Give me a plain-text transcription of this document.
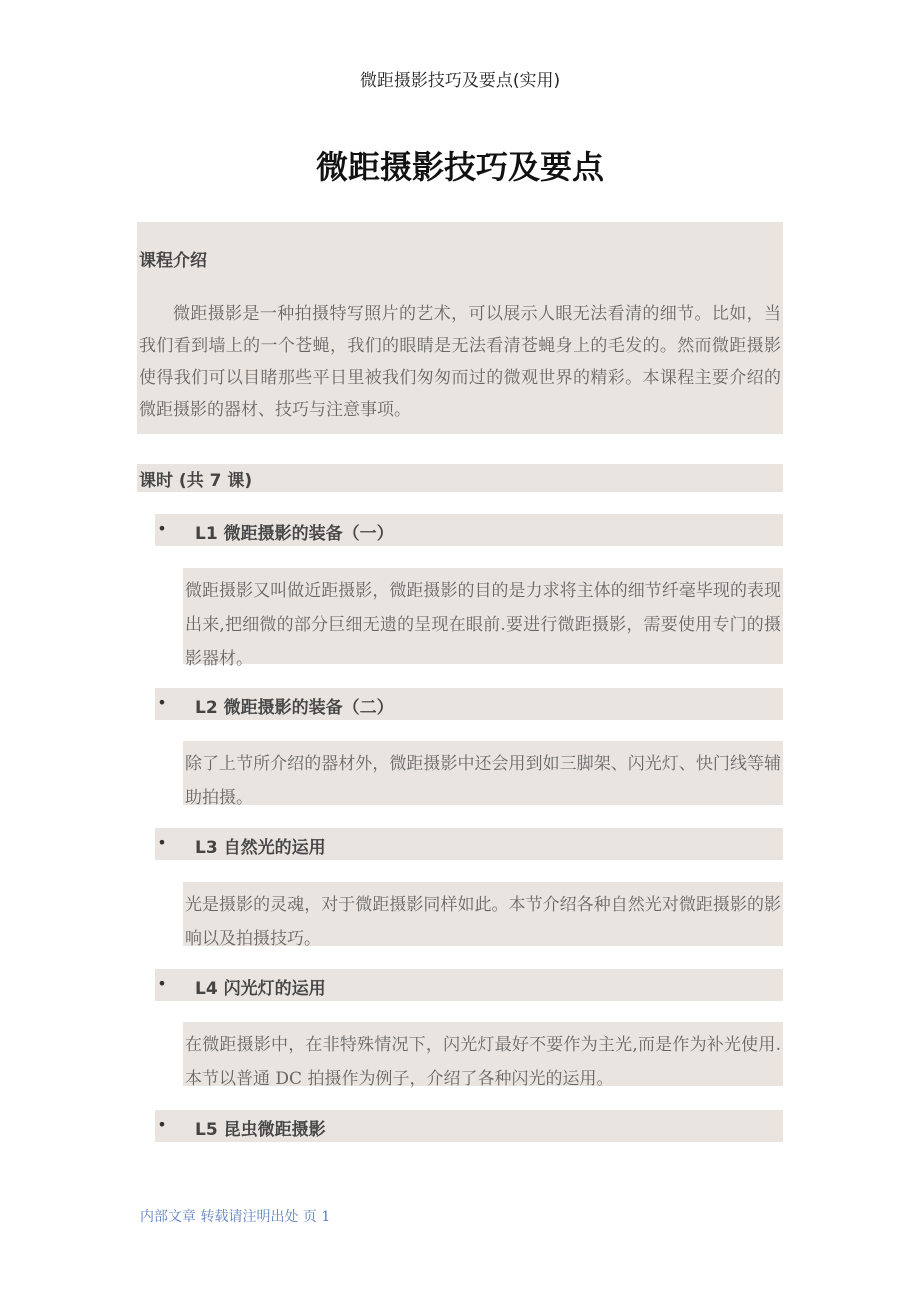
微距摄影技巧及要点(实用)
微距摄影技巧及要点
课程介绍
微距摄影是一种拍摄特写照片的艺术，可以展示人眼无法看清的细节。比如，当我们看到墙上的一个苍蝇，我们的眼睛是无法看清苍蝇身上的毛发的。然而微距摄影使得我们可以目睹那些平日里被我们匆匆而过的微观世界的精彩。本课程主要介绍的微距摄影的器材、技巧与注意事项。
课时 (共 7 课)
• L1 微距摄影的装备（一）
微距摄影又叫做近距摄影，微距摄影的目的是力求将主体的细节纤毫毕现的表现出来,把细微的部分巨细无遗的呈现在眼前.要进行微距摄影，需要使用专门的摄影器材。
• L2 微距摄影的装备（二）
除了上节所介绍的器材外，微距摄影中还会用到如三脚架、闪光灯、快门线等辅助拍摄。
• L3 自然光的运用
光是摄影的灵魂，对于微距摄影同样如此。本节介绍各种自然光对微距摄影的影响以及拍摄技巧。
• L4 闪光灯的运用
在微距摄影中，在非特殊情况下，闪光灯最好不要作为主光,而是作为补光使用.本节以普通 DC 拍摄作为例子，介绍了各种闪光的运用。
• L5 昆虫微距摄影
内部文章 转载请注明出处 页 1
